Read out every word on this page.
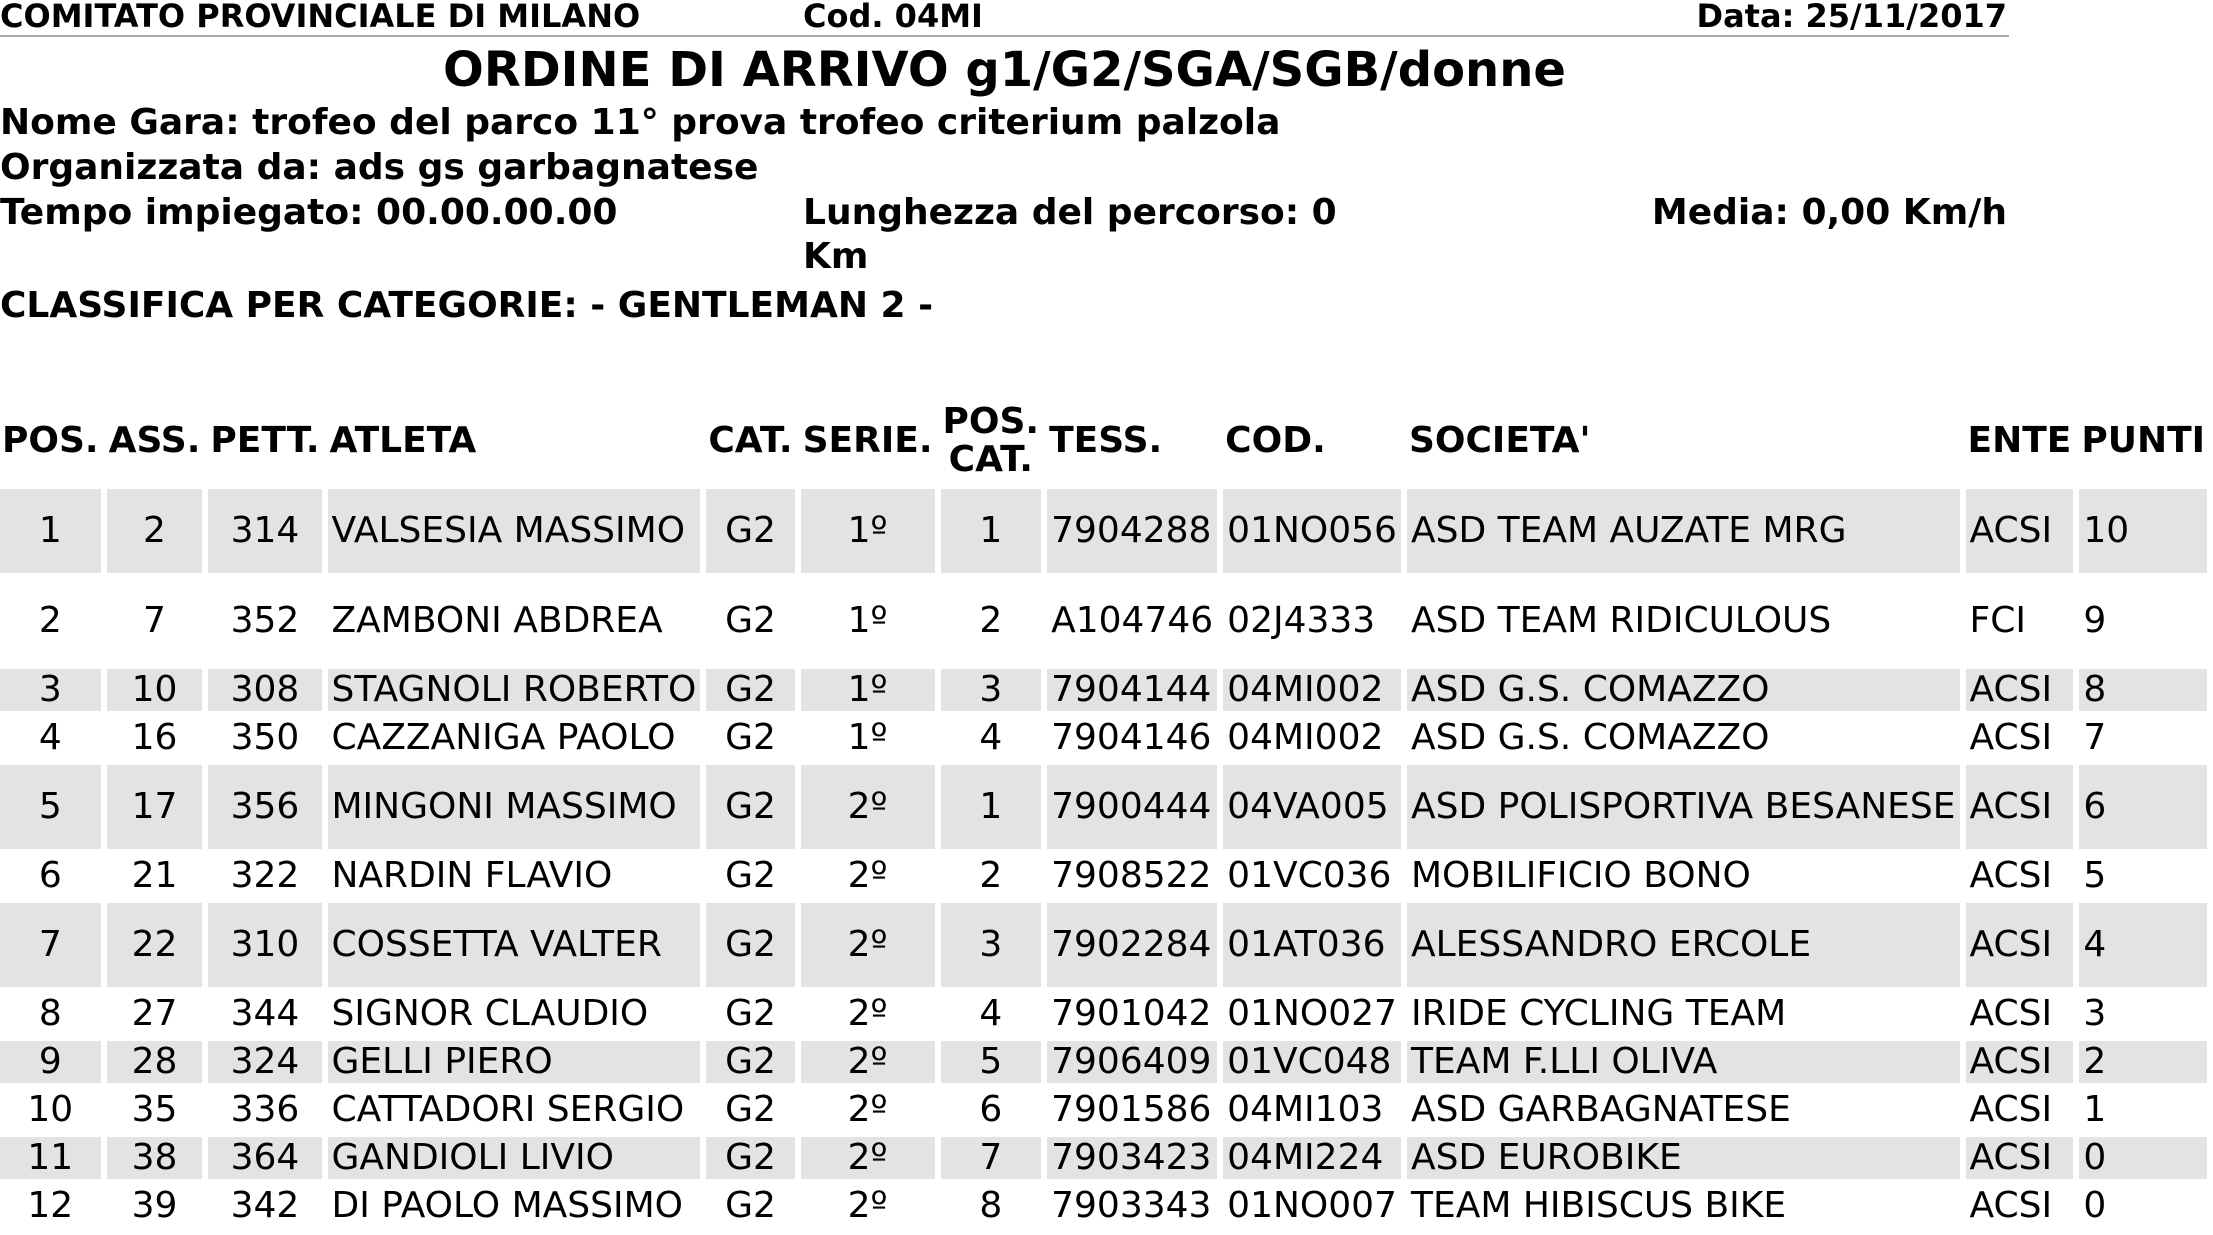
COMITATO PROVINCIALE DI MILANO	Cod. 04MI	Data: 25/11/2017
ORDINE DI ARRIVO g1/G2/SGA/SGB/donne
Nome Gara: trofeo del parco 11° prova trofeo criterium palzola
Organizzata da: ads gs garbagnatese
Tempo impiegato: 00.00.00.00	Lunghezza del percorso: 0 Km
Media: 0,00 Km/h
CLASSIFICA PER CATEGORIE: - GENTLEMAN 2 -
POS.	ASS.	PETT.	ATLETA	CAT.	SERIE.	POS. CAT.	TESS.	COD.	SOCIETA'	ENTE	PUNTI
1	2	314	VALSESIA MASSIMO	G2	1º	1	7904288	01NO056	ASD TEAM AUZATE MRG	ACSI	10
2	7	352	ZAMBONI ABDREA	G2	1º	2	A104746	02J4333	ASD TEAM RIDICULOUS	FCI	9
3	10	308	STAGNOLI ROBERTO	G2	1º	3	7904144	04MI002	ASD G.S. COMAZZO	ACSI	8
4	16	350	CAZZANIGA PAOLO	G2	1º	4	7904146	04MI002	ASD G.S. COMAZZO	ACSI	7
5	17	356	MINGONI MASSIMO	G2	2º	1	7900444	04VA005	ASD POLISPORTIVA BESANESE	ACSI	6
6	21	322	NARDIN FLAVIO	G2	2º	2	7908522	01VC036	MOBILIFICIO BONO	ACSI	5
7	22	310	COSSETTA VALTER	G2	2º	3	7902284	01AT036	ALESSANDRO ERCOLE	ACSI	4
8	27	344	SIGNOR CLAUDIO	G2	2º	4	7901042	01NO027	IRIDE CYCLING TEAM	ACSI	3
9	28	324	GELLI PIERO	G2	2º	5	7906409	01VC048	TEAM F.LLI OLIVA	ACSI	2
10	35	336	CATTADORI SERGIO	G2	2º	6	7901586	04MI103	ASD GARBAGNATESE	ACSI	1
11	38	364	GANDIOLI LIVIO	G2	2º	7	7903423	04MI224	ASD EUROBIKE	ACSI	0
12	39	342	DI PAOLO MASSIMO	G2	2º	8	7903343	01NO007	TEAM HIBISCUS BIKE	ACSI	0
